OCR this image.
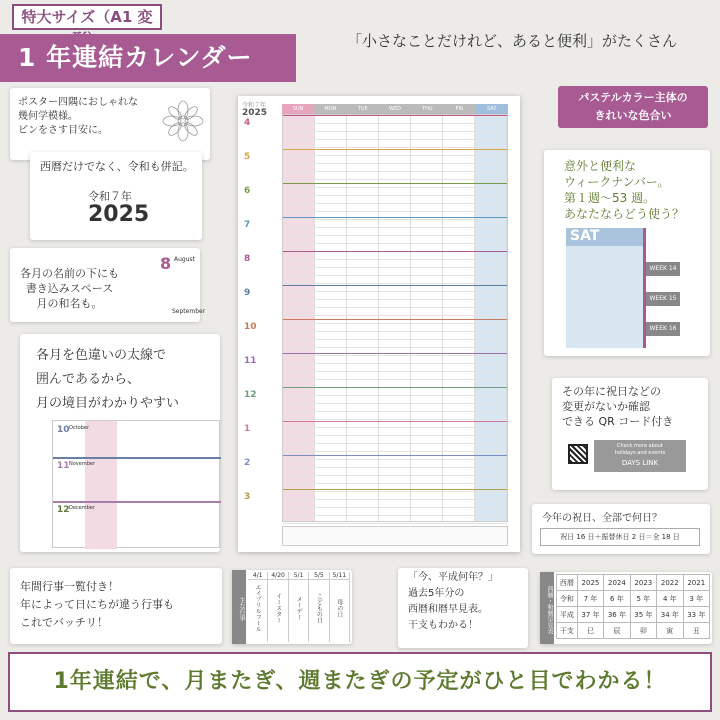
特大サイズ（A1 変
1 年連結カレンダー
「小さなことだけれど、あると便利」がたくさん
令和７年
2025	SUN	MON	TUE	WED	THU	FRI	SAT
4
5
6
7
8
9
10
11
12
1
2
3
ポスター四隅におしゃれな
幾何学模様。
ピンをさす目安に。
西暦だけでなく、令和も併記。
令和７年
2025
各月の名前の下にも
書き込みスペース
月の和名も。
8 August
September
各月を色違いの太線で
囲んであるから、
月の境目がわかりやすい
10
11
12
October
November
December
パステルカラー主体の
きれいな色合い
意外と便利な
ウィークナンバー。
第１週〜53 週。
あなたならどう使う？
SAT
WEEK 14
WEEK 15
WEEK 16
その年に祝日などの
変更がないか確認
できる QR コード付き
Check more about
holidays and events
DAYS LINK
今年の祝日、全部で何日？
祝日 16 日＋振替休日 2 日＝全 18 日
年間行事一覧付き！
年によって日にちが違う行事も
これでバッチリ！
主な行事
4/1
エイプリルフール
4/20
イースター
5/1
メーデー
5/5
こどもの日
5/11
母の日
「今、平成何年？」
過去5年分の
西暦和暦早見表。
干支もわかる！	西暦・和暦早見表
西暦	2025	2024	2023	2022	2021
令和	7 年	6 年	5 年	4 年	3 年
平成	37 年	36 年	35 年	34 年	33 年
干支	巳	辰	卯	寅	丑
1年連結で、月またぎ、週またぎの予定がひと目でわかる！
